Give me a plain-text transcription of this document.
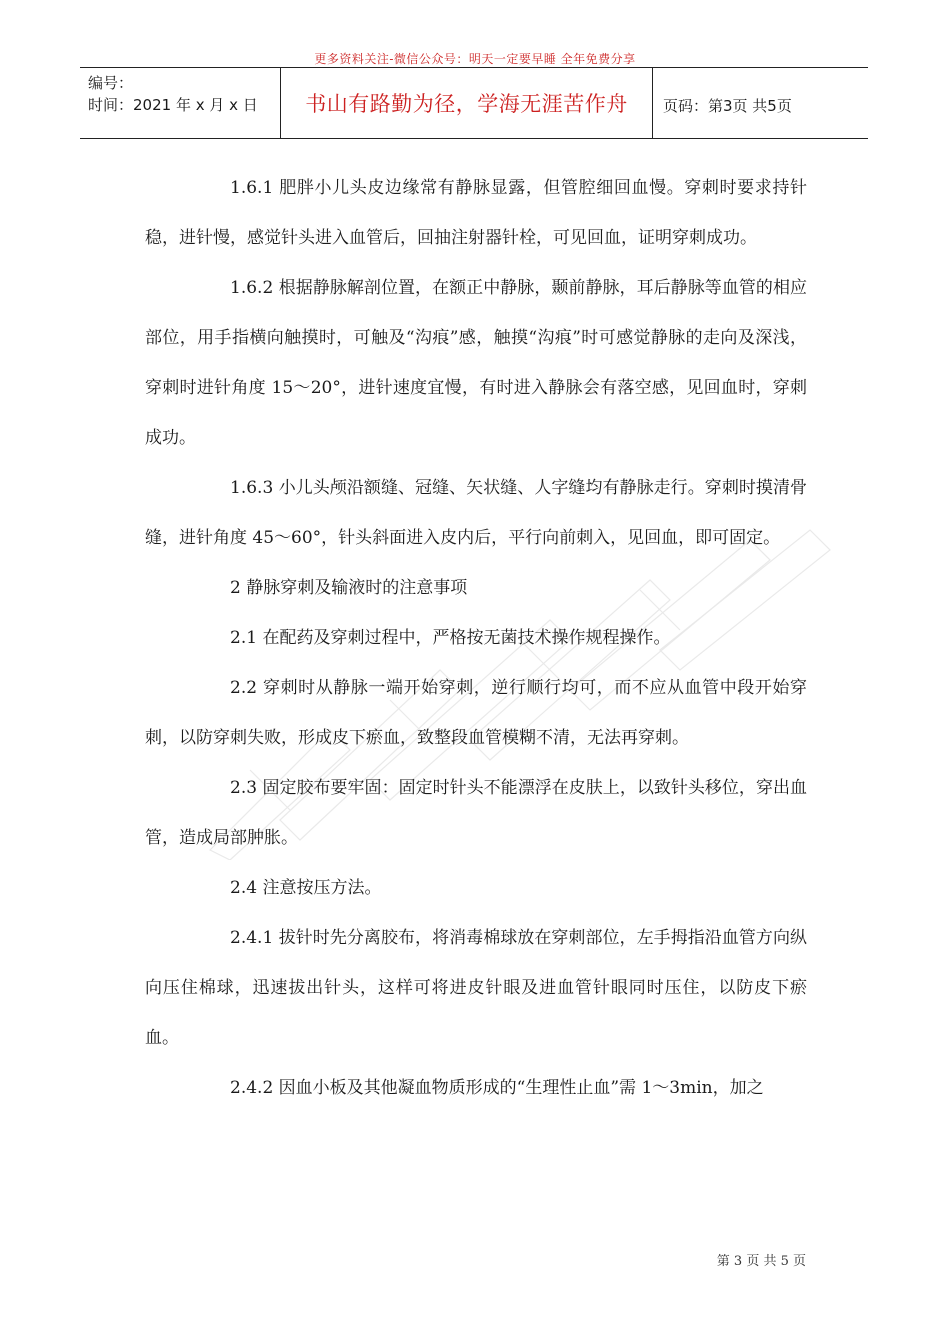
更多资料关注-微信公众号：明天一定要早睡 全年免费分享
编号：
时间：2021 年 x 月 x 日	书山有路勤为径，学海无涯苦作舟	页码：第3页 共5页

1.6.1 肥胖小儿头皮边缘常有静脉显露，但管腔细回血慢。穿刺时要求持针稳，进针慢，感觉针头进入血管后，回抽注射器针栓，可见回血，证明穿刺成功。

1.6.2 根据静脉解剖位置，在额正中静脉，颞前静脉，耳后静脉等血管的相应部位，用手指横向触摸时，可触及“沟痕”感，触摸“沟痕”时可感觉静脉的走向及深浅，穿刺时进针角度 15～20°，进针速度宜慢，有时进入静脉会有落空感，见回血时，穿刺成功。

1.6.3 小儿头颅沿额缝、冠缝、矢状缝、人字缝均有静脉走行。穿刺时摸清骨缝，进针角度 45～60°，针头斜面进入皮内后，平行向前刺入，见回血，即可固定。

2 静脉穿刺及输液时的注意事项

2.1 在配药及穿刺过程中，严格按无菌技术操作规程操作。

2.2 穿刺时从静脉一端开始穿刺，逆行顺行均可，而不应从血管中段开始穿刺，以防穿刺失败，形成皮下瘀血，致整段血管模糊不清，无法再穿刺。

2.3 固定胶布要牢固：固定时针头不能漂浮在皮肤上，以致针头移位，穿出血管，造成局部肿胀。

2.4 注意按压方法。

2.4.1 拔针时先分离胶布，将消毒棉球放在穿刺部位，左手拇指沿血管方向纵向压住棉球，迅速拔出针头，这样可将进皮针眼及进血管针眼同时压住，以防皮下瘀血。

2.4.2 因血小板及其他凝血物质形成的“生理性止血”需 1～3min，加之

第 3 页 共 5 页
